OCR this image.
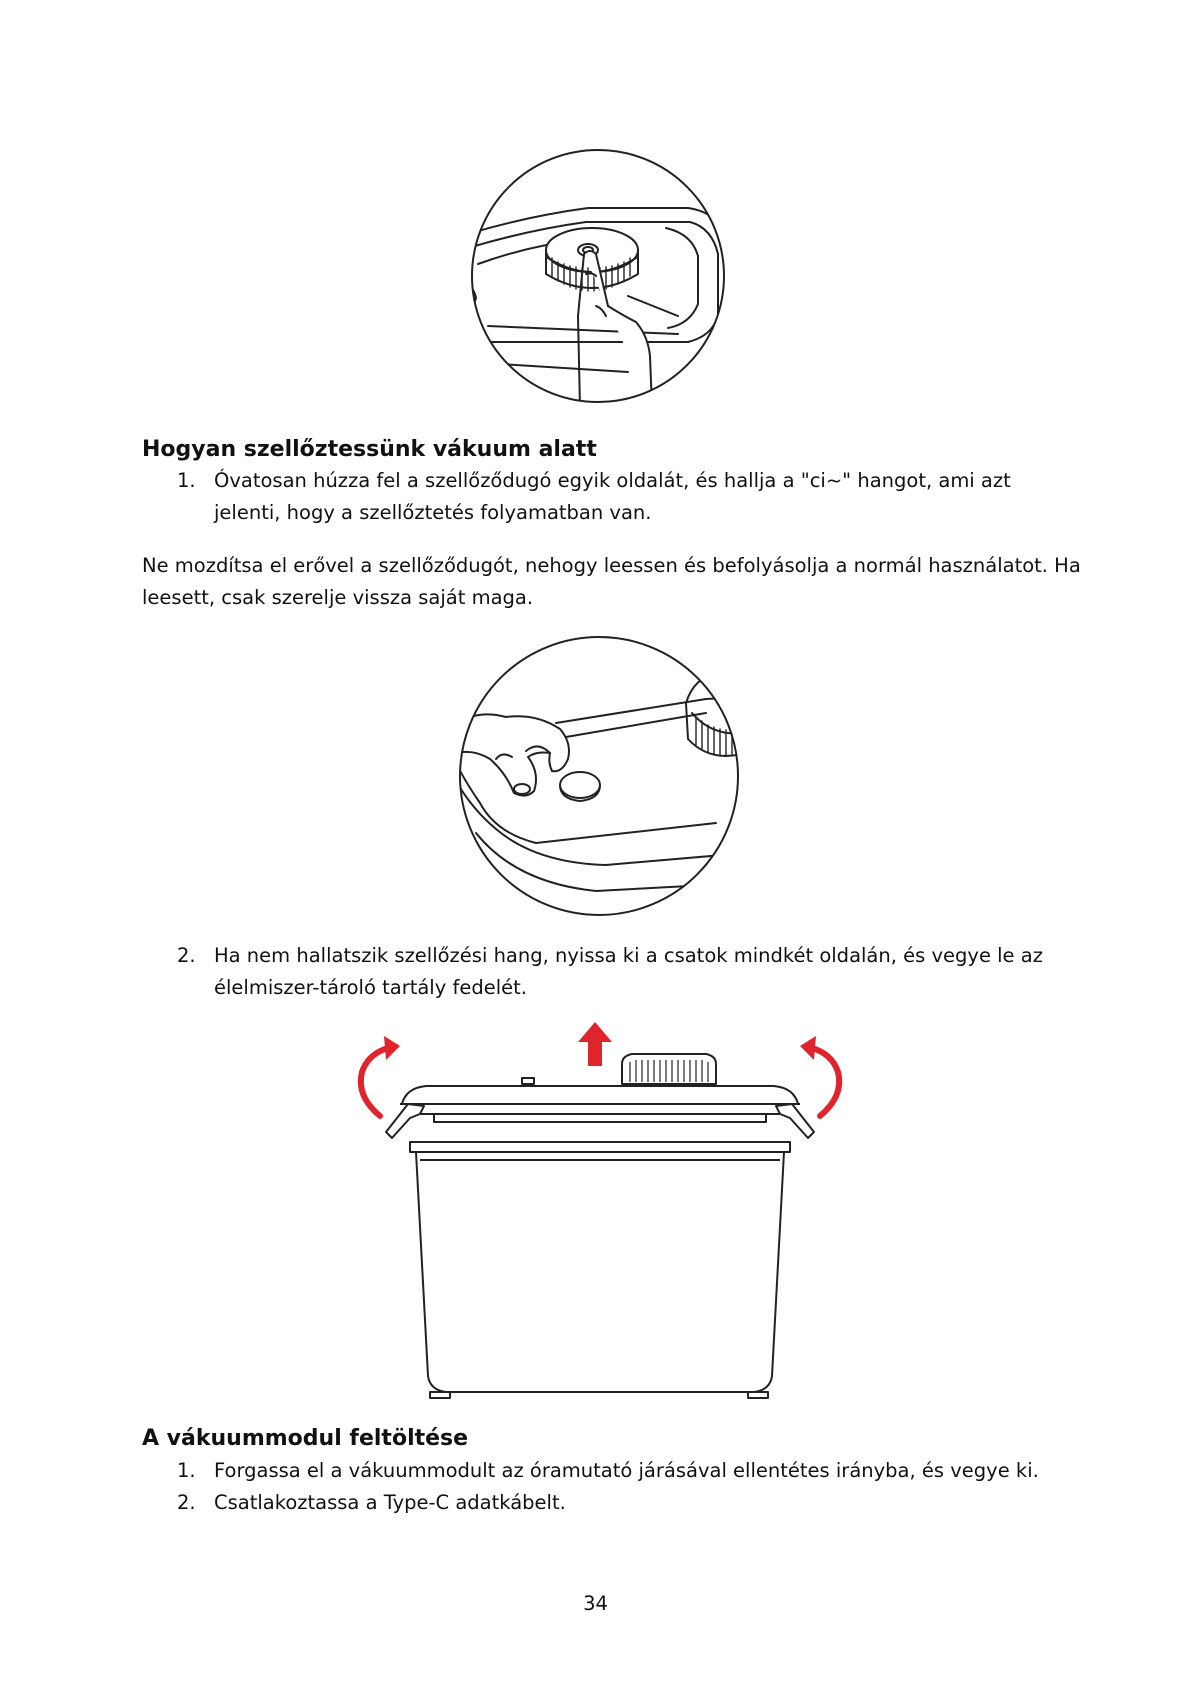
Hogyan szellőztessünk vákuum alatt
1. Óvatosan húzza fel a szellőződugó egyik oldalát, és hallja a "ci~" hangot, ami azt jelenti, hogy a szellőztetés folyamatban van.

Ne mozdítsa el erővel a szellőződugót, nehogy leessen és befolyásolja a normál használatot. Ha leesett, csak szerelje vissza saját maga.

2. Ha nem hallatszik szellőzési hang, nyissa ki a csatok mindkét oldalán, és vegye le az élelmiszer-tároló tartály fedelét.
A vákuummodul feltöltése
1. Forgassa el a vákuummodult az óramutató járásával ellentétes irányba, és vegye ki.
2. Csatlakoztassa a Type-C adatkábelt.
34
